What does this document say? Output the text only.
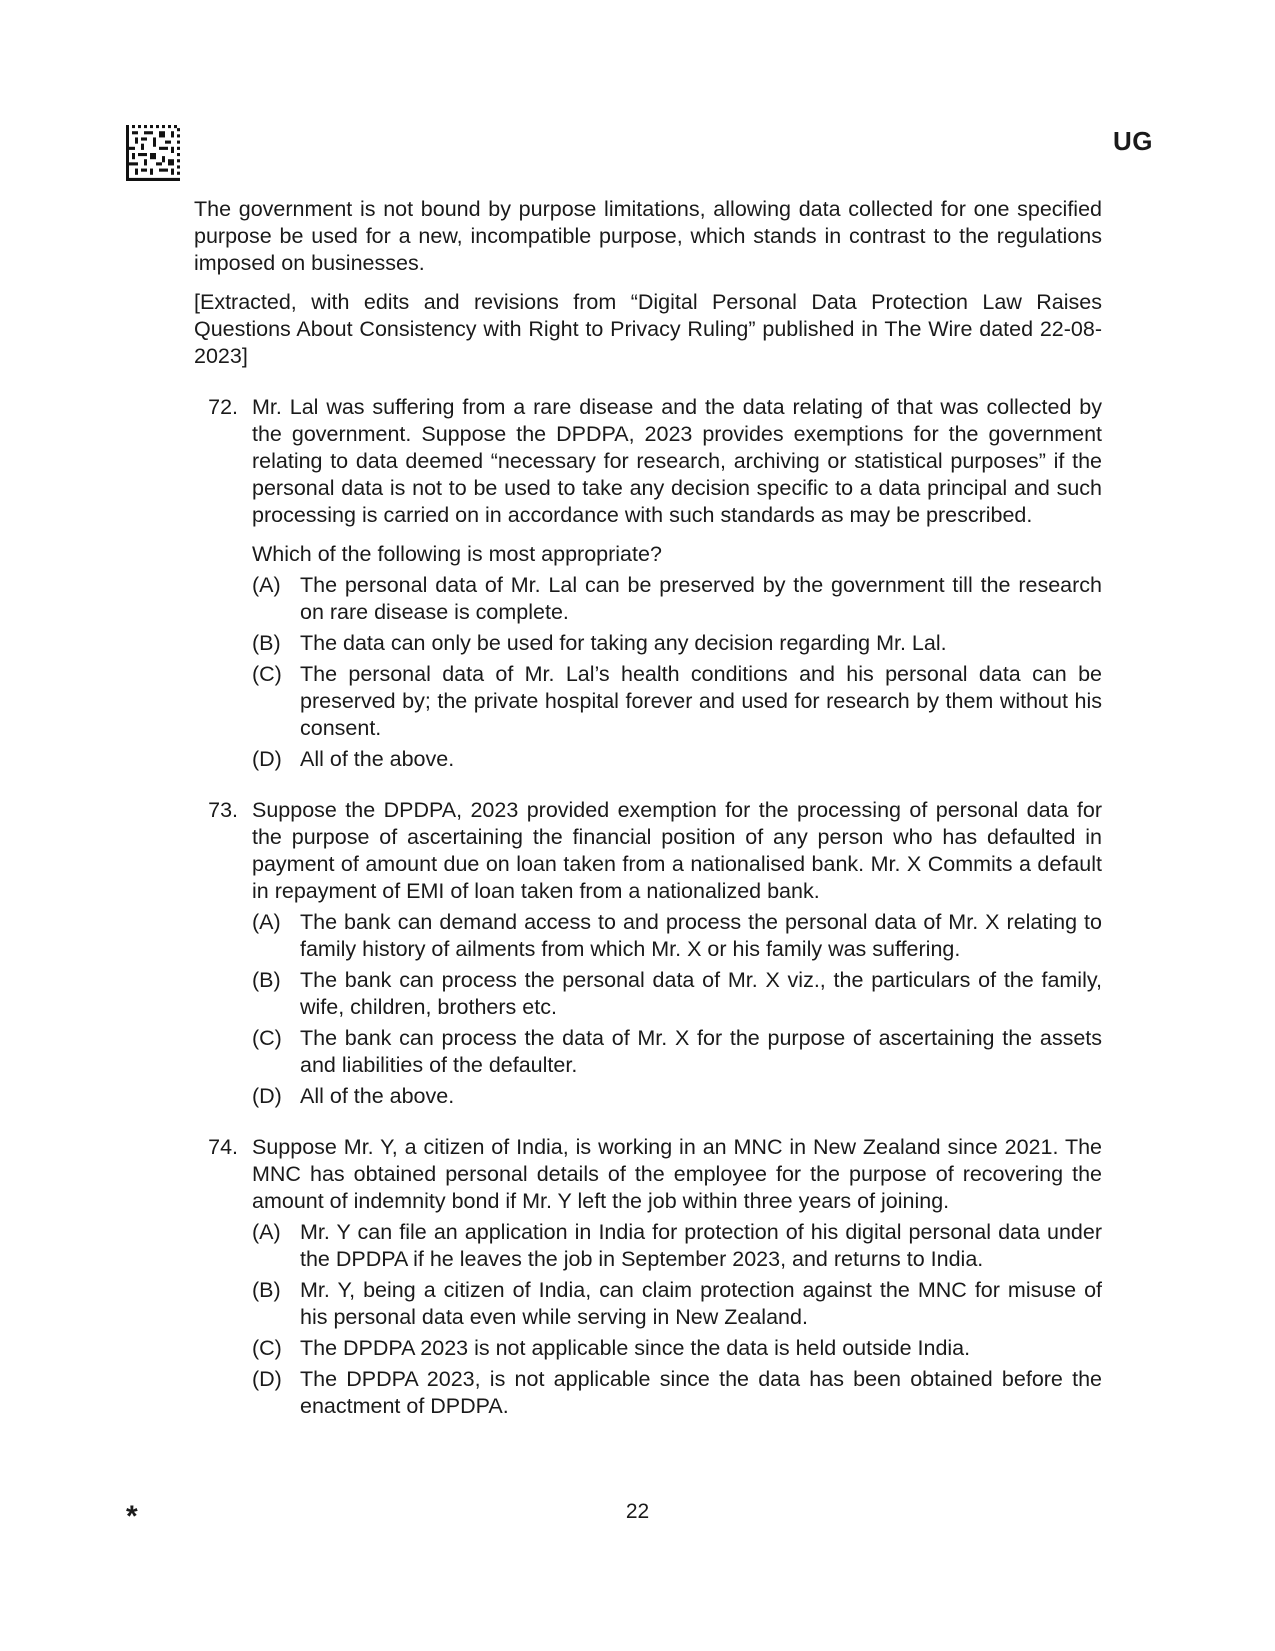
UG

The government is not bound by purpose limitations, allowing data collected for one specified purpose be used for a new, incompatible purpose, which stands in contrast to the regulations imposed on businesses.

[Extracted, with edits and revisions from “Digital Personal Data Protection Law Raises Questions About Consistency with Right to Privacy Ruling” published in The Wire dated 22-08-2023]

72. Mr. Lal was suffering from a rare disease and the data relating of that was collected by the government. Suppose the DPDPA, 2023 provides exemptions for the government relating to data deemed “necessary for research, archiving or statistical purposes” if the personal data is not to be used to take any decision specific to a data principal and such processing is carried on in accordance with such standards as may be prescribed.
Which of the following is most appropriate?
(A) The personal data of Mr. Lal can be preserved by the government till the research on rare disease is complete.
(B) The data can only be used for taking any decision regarding Mr. Lal.
(C) The personal data of Mr. Lal’s health conditions and his personal data can be preserved by; the private hospital forever and used for research by them without his consent.
(D) All of the above.
73. Suppose the DPDPA, 2023 provided exemption for the processing of personal data for the purpose of ascertaining the financial position of any person who has defaulted in payment of amount due on loan taken from a nationalised bank. Mr. X Commits a default in repayment of EMI of loan taken from a nationalized bank.
(A) The bank can demand access to and process the personal data of Mr. X relating to family history of ailments from which Mr. X or his family was suffering.
(B) The bank can process the personal data of Mr. X viz., the particulars of the family, wife, children, brothers etc.
(C) The bank can process the data of Mr. X for the purpose of ascertaining the assets and liabilities of the defaulter.
(D) All of the above.
74. Suppose Mr. Y, a citizen of India, is working in an MNC in New Zealand since 2021. The MNC has obtained personal details of the employee for the purpose of recovering the amount of indemnity bond if Mr. Y left the job within three years of joining.
(A) Mr. Y can file an application in India for protection of his digital personal data under the DPDPA if he leaves the job in September 2023, and returns to India.
(B) Mr. Y, being a citizen of India, can claim protection against the MNC for misuse of his personal data even while serving in New Zealand.
(C) The DPDPA 2023 is not applicable since the data is held outside India.
(D) The DPDPA 2023, is not applicable since the data has been obtained before the enactment of DPDPA.
*	22
